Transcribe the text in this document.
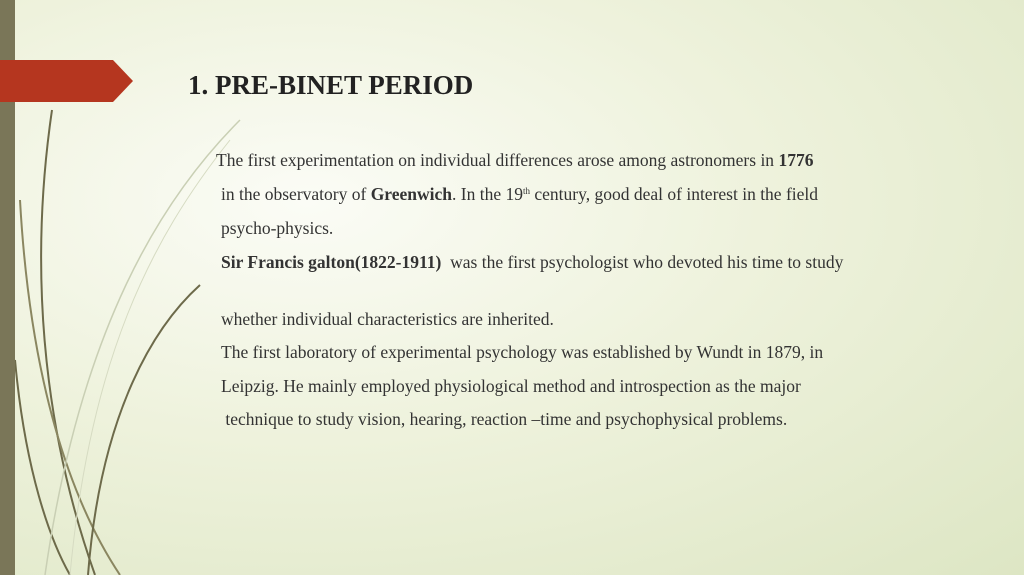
1. PRE-BINET PERIOD
The first experimentation on individual differences arose among astronomers in 1776
in the observatory of Greenwich. In the 19th century, good deal of interest in the field
psycho-physics.
Sir Francis galton(1822-1911)  was the first psychologist who devoted his time to study
whether individual characteristics are inherited.
The first laboratory of experimental psychology was established by Wundt in 1879, in
Leipzig. He mainly employed physiological method and introspection as the major
technique to study vision, hearing, reaction –time and psychophysical problems.
